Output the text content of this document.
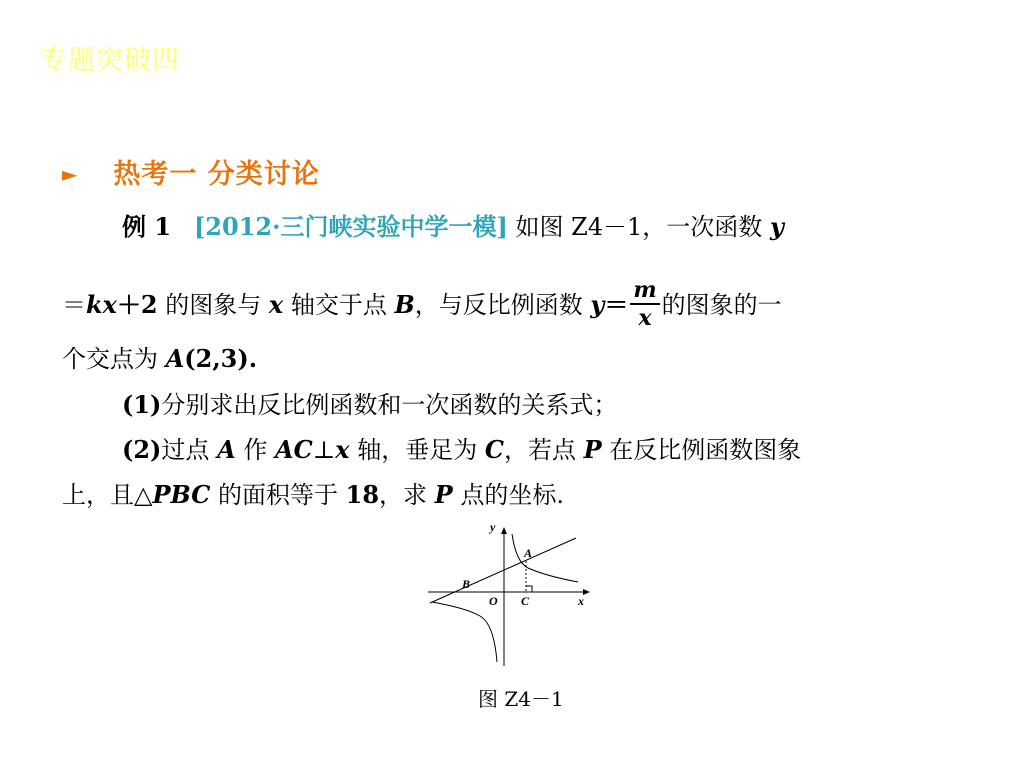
专题突破四
► 热考一 分类讨论
例 1 [2012·三门峡实验中学一模] 如图 Z4－1，一次函数 y
＝kx＋2 的图象与 x 轴交于点 B，与反比例函数 $y= \frac{m}{x}$ 的图象的一
个交点为 A(2,3).
(1)分别求出反比例函数和一次函数的关系式；
(2)过点 A 作 AC⊥x 轴，垂足为 C，若点 P 在反比例函数图象
上，且△PBC 的面积等于 18，求 P 点的坐标.
y
x
O
A
B
C
图 Z4－1
